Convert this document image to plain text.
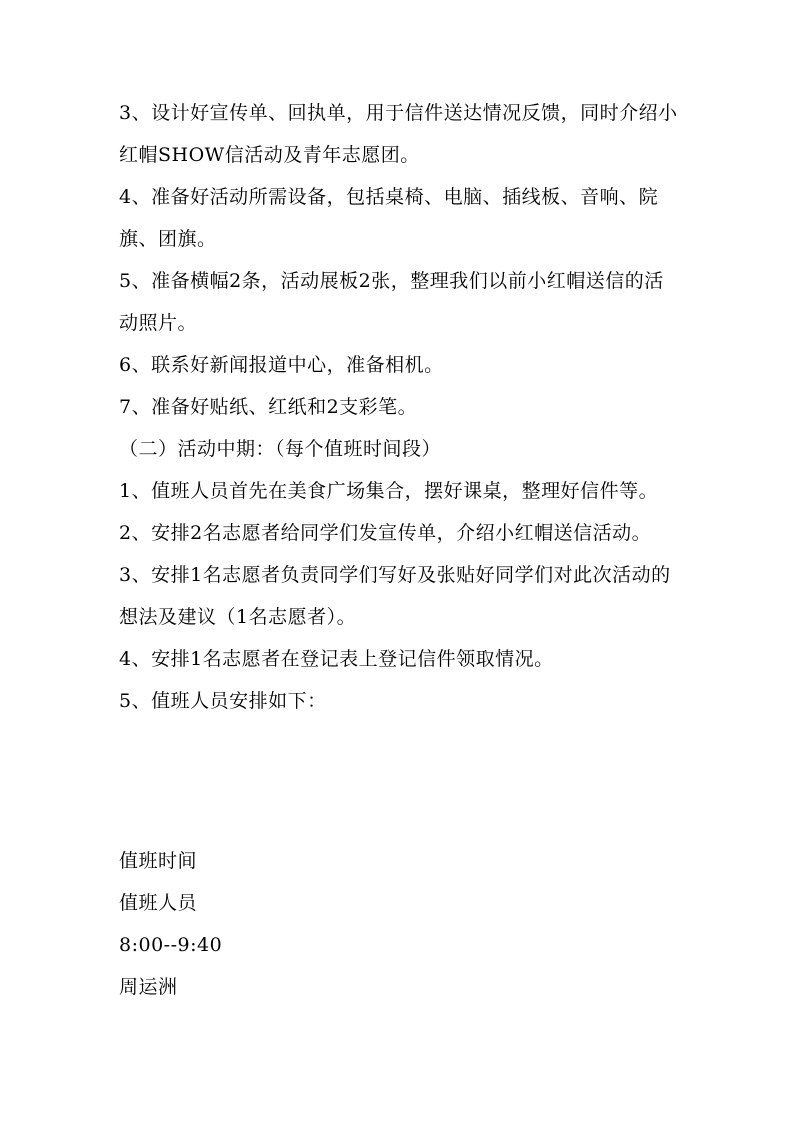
3、设计好宣传单、回执单，用于信件送达情况反馈，同时介绍小红帽SHOW信活动及青年志愿团。

4、准备好活动所需设备，包括桌椅、电脑、插线板、音响、院旗、团旗。

5、准备横幅2条，活动展板2张，整理我们以前小红帽送信的活动照片。

6、联系好新闻报道中心，准备相机。

7、准备好贴纸、红纸和2支彩笔。

（二）活动中期：（每个值班时间段）

1、值班人员首先在美食广场集合，摆好课桌，整理好信件等。

2、安排2名志愿者给同学们发宣传单，介绍小红帽送信活动。

3、安排1名志愿者负责同学们写好及张贴好同学们对此次活动的想法及建议（1名志愿者）。

4、安排1名志愿者在登记表上登记信件领取情况。

5、值班人员安排如下：

值班时间

值班人员

8:00--9:40

周运洲
